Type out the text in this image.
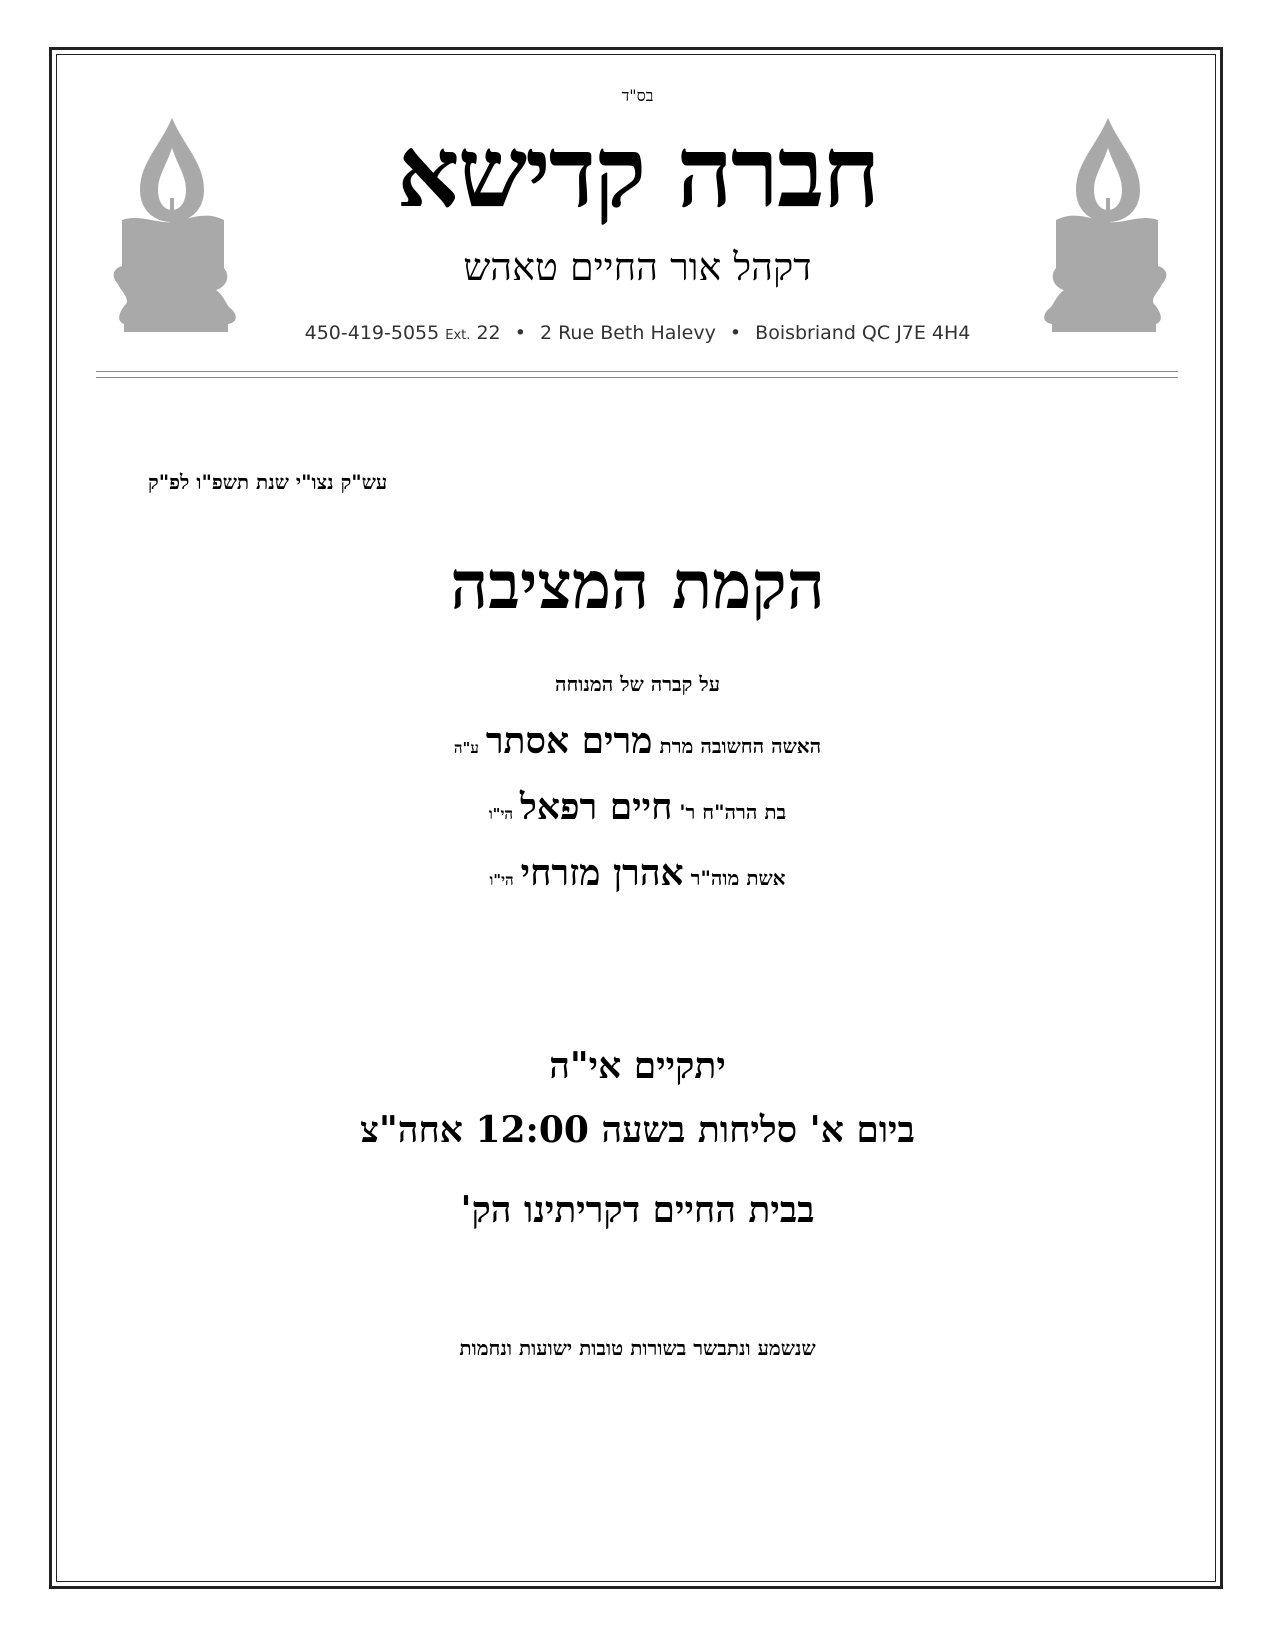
בס"ד
חברה קדישא
דקהל אור החיים טאהש
450-419-5055 Ext. 22 • 2 Rue Beth Halevy • Boisbriand QC J7E 4H4
עש"ק נצו"י שנת תשפ"ו לפ"ק
הקמת המציבה
על קברה של המנוחה
האשה החשובה מרת מרים אסתר ע"ה
בת הרה"ח ר' חיים רפאל הי"ו
אשת מוה"ר אהרן מזרחי הי"ו
יתקיים אי"ה
ביום א' סליחות בשעה 12:00 אחה"צ
בבית החיים דקריתינו הק'
שנשמע ונתבשר בשורות טובות ישועות ונחמות
